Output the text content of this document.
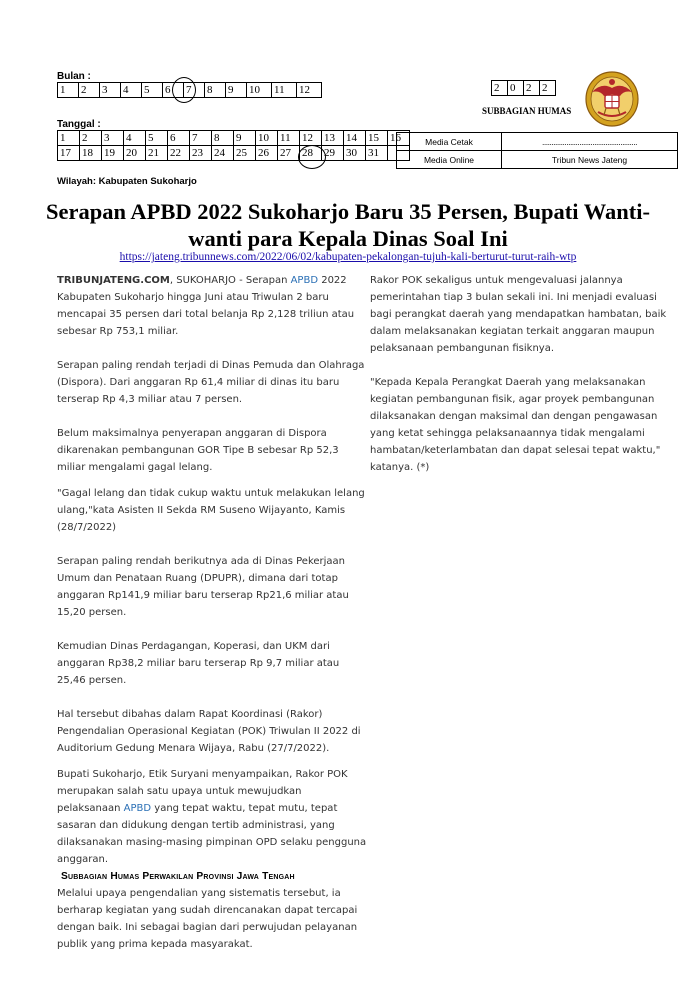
Bulan :
1	2	3	4	5	6	7	8	9	10	11	12
Tanggal :
1	2	3	4	5	6	7	8	9	10	11	12	13	14	15	16
17	18	19	20	21	22	23	24	25	26	27	28	29	30	31	
2	0	2	2
SUBBAGIAN HUMAS
Media Cetak	...................................................
Media Online	Tribun News Jateng
Wilayah: Kabupaten Sukoharjo
Serapan APBD 2022 Sukoharjo Baru 35 Persen, Bupati Wanti-wanti para Kepala Dinas Soal Ini
https://jateng.tribunnews.com/2022/06/02/kabupaten-pekalongan-tujuh-kali-berturut-turut-raih-wtp

TRIBUNJATENG.COM, SUKOHARJO - Serapan APBD 2022 Kabupaten Sukoharjo hingga Juni atau Triwulan 2 baru mencapai 35 persen dari total belanja Rp 2,128 triliun atau sebesar Rp 753,1 miliar.

Serapan paling rendah terjadi di Dinas Pemuda dan Olahraga (Dispora). Dari anggaran Rp 61,4 miliar di dinas itu baru terserap Rp 4,3 miliar atau 7 persen.

Belum maksimalnya penyerapan anggaran di Dispora dikarenakan pembangunan GOR Tipe B sebesar Rp 52,3 miliar mengalami gagal lelang.

"Gagal lelang dan tidak cukup waktu untuk melakukan lelang ulang,"kata Asisten II Sekda RM Suseno Wijayanto, Kamis (28/7/2022)

Serapan paling rendah berikutnya ada di Dinas Pekerjaan Umum dan Penataan Ruang (DPUPR), dimana dari totap anggaran Rp141,9 miliar baru terserap Rp21,6 miliar atau 15,20 persen.

Kemudian Dinas Perdagangan, Koperasi, dan UKM dari anggaran Rp38,2 miliar baru terserap Rp 9,7 miliar atau 25,46 persen.

Hal tersebut dibahas dalam Rapat Koordinasi (Rakor) Pengendalian Operasional Kegiatan (POK) Triwulan II 2022 di Auditorium Gedung Menara Wijaya, Rabu (27/7/2022).

Bupati Sukoharjo, Etik Suryani menyampaikan, Rakor POK merupakan salah satu upaya untuk mewujudkan pelaksanaan APBD yang tepat waktu, tepat mutu, tepat sasaran dan didukung dengan tertib administrasi, yang dilaksanakan masing-masing pimpinan OPD selaku pengguna anggaran.

Melalui upaya pengendalian yang sistematis tersebut, ia berharap kegiatan yang sudah direncanakan dapat tercapai dengan baik. Ini sebagai bagian dari perwujudan pelayanan publik yang prima kepada masyarakat.

Rakor POK sekaligus untuk mengevaluasi jalannya pemerintahan tiap 3 bulan sekali ini. Ini menjadi evaluasi bagi perangkat daerah yang mendapatkan hambatan, baik dalam melaksanakan kegiatan terkait anggaran maupun pelaksanaan pembangunan fisiknya.

"Kepada Kepala Perangkat Daerah yang melaksanakan kegiatan pembangunan fisik, agar proyek pembangunan dilaksanakan dengan maksimal dan dengan pengawasan yang ketat sehingga pelaksanaannya tidak mengalami hambatan/keterlambatan dan dapat selesai tepat waktu," katanya. (*)

Subbagian Humas Perwakilan Provinsi Jawa Tengah
